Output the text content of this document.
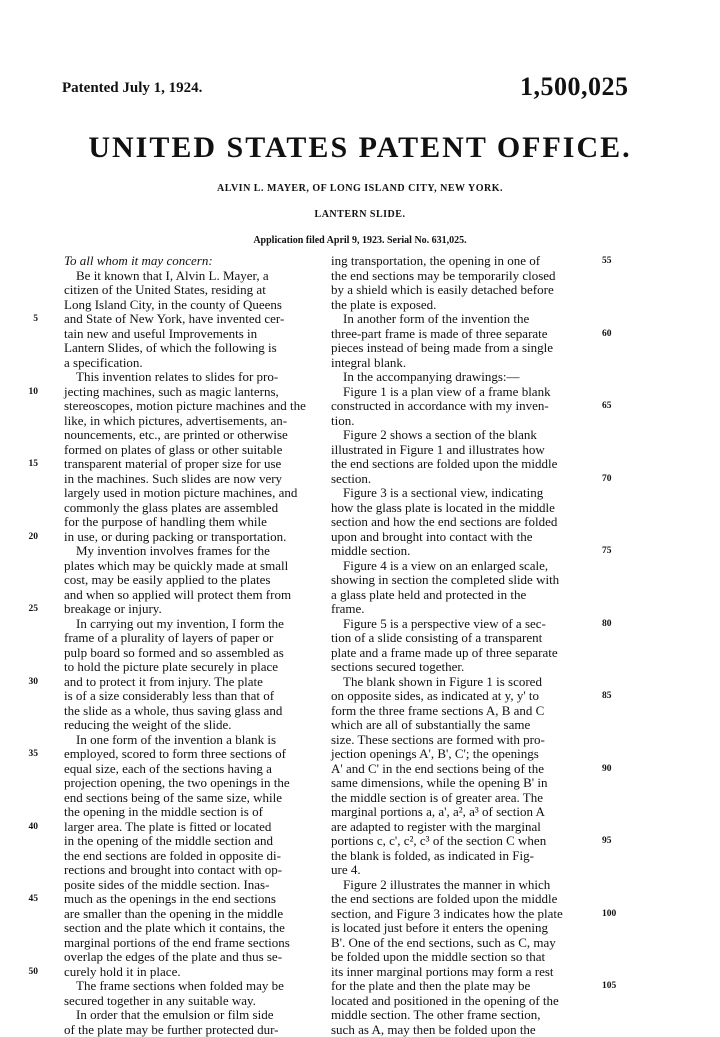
Patented July 1, 1924.	1,500,025
UNITED STATES PATENT OFFICE.
ALVIN L. MAYER, OF LONG ISLAND CITY, NEW YORK.
LANTERN SLIDE.
Application filed April 9, 1923. Serial No. 631,025.
To all whom it may concern:
Be it known that I, Alvin L. Mayer, a
citizen of the United States, residing at
Long Island City, in the county of Queens
and State of New York, have invented cer-
tain new and useful Improvements in
Lantern Slides, of which the following is
a specification.
This invention relates to slides for pro-
jecting machines, such as magic lanterns,
stereoscopes, motion picture machines and the
like, in which pictures, advertisements, an-
nouncements, etc., are printed or otherwise
formed on plates of glass or other suitable
transparent material of proper size for use
in the machines. Such slides are now very
largely used in motion picture machines, and
commonly the glass plates are assembled
for the purpose of handling them while
in use, or during packing or transportation.
My invention involves frames for the
plates which may be quickly made at small
cost, may be easily applied to the plates
and when so applied will protect them from
breakage or injury.
In carrying out my invention, I form the
frame of a plurality of layers of paper or
pulp board so formed and so assembled as
to hold the picture plate securely in place
and to protect it from injury. The plate
is of a size considerably less than that of
the slide as a whole, thus saving glass and
reducing the weight of the slide.
In one form of the invention a blank is
employed, scored to form three sections of
equal size, each of the sections having a
projection opening, the two openings in the
end sections being of the same size, while
the opening in the middle section is of
larger area. The plate is fitted or located
in the opening of the middle section and
the end sections are folded in opposite di-
rections and brought into contact with op-
posite sides of the middle section. Inas-
much as the openings in the end sections
are smaller than the opening in the middle
section and the plate which it contains, the
marginal portions of the end frame sections
overlap the edges of the plate and thus se-
curely hold it in place.
The frame sections when folded may be
secured together in any suitable way.
In order that the emulsion or film side
of the plate may be further protected dur-
ing transportation, the opening in one of
the end sections may be temporarily closed
by a shield which is easily detached before
the plate is exposed.
In another form of the invention the
three-part frame is made of three separate
pieces instead of being made from a single
integral blank.
In the accompanying drawings:—
Figure 1 is a plan view of a frame blank
constructed in accordance with my inven-
tion.
Figure 2 shows a section of the blank
illustrated in Figure 1 and illustrates how
the end sections are folded upon the middle
section.
Figure 3 is a sectional view, indicating
how the glass plate is located in the middle
section and how the end sections are folded
upon and brought into contact with the
middle section.
Figure 4 is a view on an enlarged scale,
showing in section the completed slide with
a glass plate held and protected in the
frame.
Figure 5 is a perspective view of a sec-
tion of a slide consisting of a transparent
plate and a frame made up of three separate
sections secured together.
The blank shown in Figure 1 is scored
on opposite sides, as indicated at y, y' to
form the three frame sections A, B and C
which are all of substantially the same
size. These sections are formed with pro-
jection openings A', B', C'; the openings
A' and C' in the end sections being of the
same dimensions, while the opening B' in
the middle section is of greater area. The
marginal portions a, a', a², a³ of section A
are adapted to register with the marginal
portions c, c', c², c³ of the section C when
the blank is folded, as indicated in Fig-
ure 4.
Figure 2 illustrates the manner in which
the end sections are folded upon the middle
section, and Figure 3 indicates how the plate
is located just before it enters the opening
B'. One of the end sections, such as C, may
be folded upon the middle section so that
its inner marginal portions may form a rest
for the plate and then the plate may be
located and positioned in the opening of the
middle section. The other frame section,
such as A, may then be folded upon the
5
10
15
20
25
30
35
40
45
50
55
60
65
70
75
80
85
90
95
100
105
